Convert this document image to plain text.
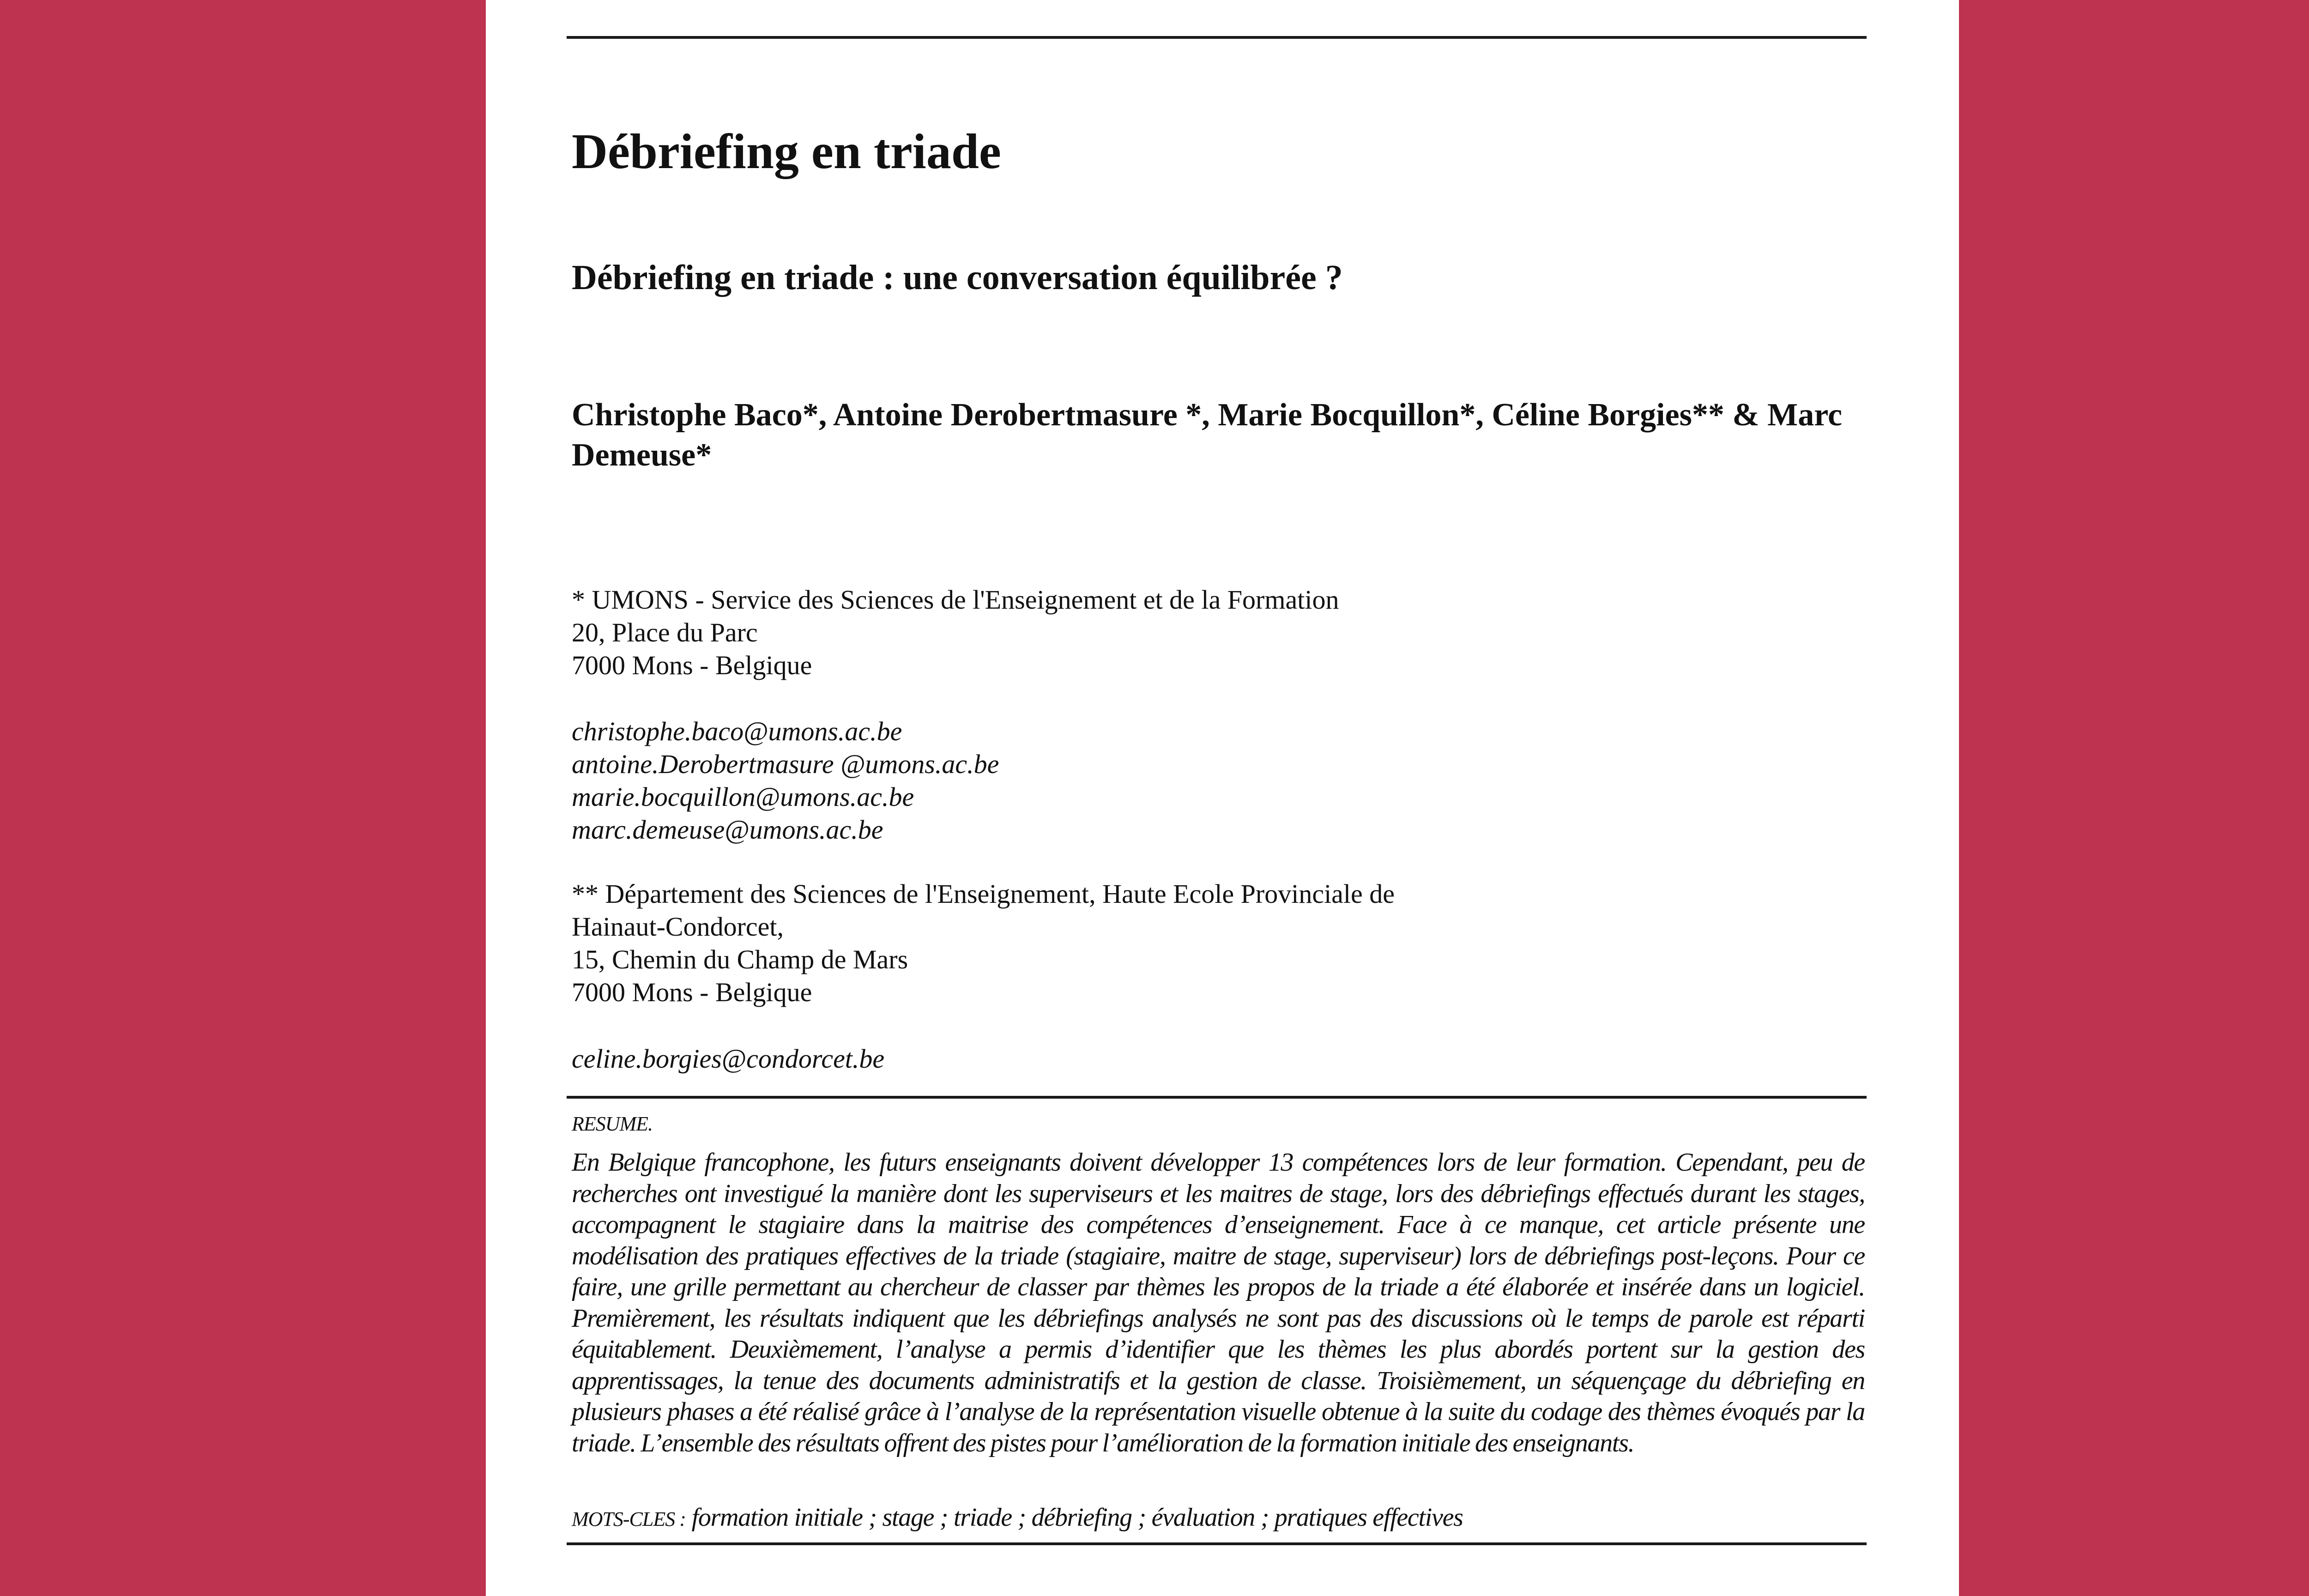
Débriefing en triade
Débriefing en triade : une conversation équilibrée ?

Christophe Baco*, Antoine Derobertmasure *, Marie Bocquillon*, Céline Borgies** & Marc Demeuse*

* UMONS - Service des Sciences de l'Enseignement et de la Formation
20, Place du Parc
7000 Mons - Belgique
christophe.baco@umons.ac.be
antoine.Derobertmasure @umons.ac.be
marie.bocquillon@umons.ac.be
marc.demeuse@umons.ac.be
** Département des Sciences de l'Enseignement, Haute Ecole Provinciale de
Hainaut-Condorcet,
15, Chemin du Champ de Mars
7000 Mons - Belgique
celine.borgies@condorcet.be
RESUME.

En Belgique francophone, les futurs enseignants doivent développer 13 compétences lors de leur formation. Cependant, peu de recherches ont investigué la manière dont les superviseurs et les maitres de stage, lors des débriefings effectués durant les stages, accompagnent le stagiaire dans la maitrise des compétences d’enseignement. Face à ce manque, cet article présente une modélisation des pratiques effectives de la triade (stagiaire, maitre de stage, superviseur) lors de débriefings post-leçons. Pour ce faire, une grille permettant au chercheur de classer par thèmes les propos de la triade a été élaborée et insérée dans un logiciel. Premièrement, les résultats indiquent que les débriefings analysés ne sont pas des discussions où le temps de parole est réparti équitablement. Deuxièmement, l’analyse a permis d’identifier que les thèmes les plus abordés portent sur la gestion des apprentissages, la tenue des documents administratifs et la gestion de classe. Troisièmement, un séquençage du débriefing en plusieurs phases a été réalisé grâce à l’analyse de la représentation visuelle obtenue à la suite du codage des thèmes évoqués par la triade. L’ensemble des résultats offrent des pistes pour l’amélioration de la formation initiale des enseignants.

MOTS-CLES : formation initiale ; stage ; triade ; débriefing ; évaluation ; pratiques effectives
